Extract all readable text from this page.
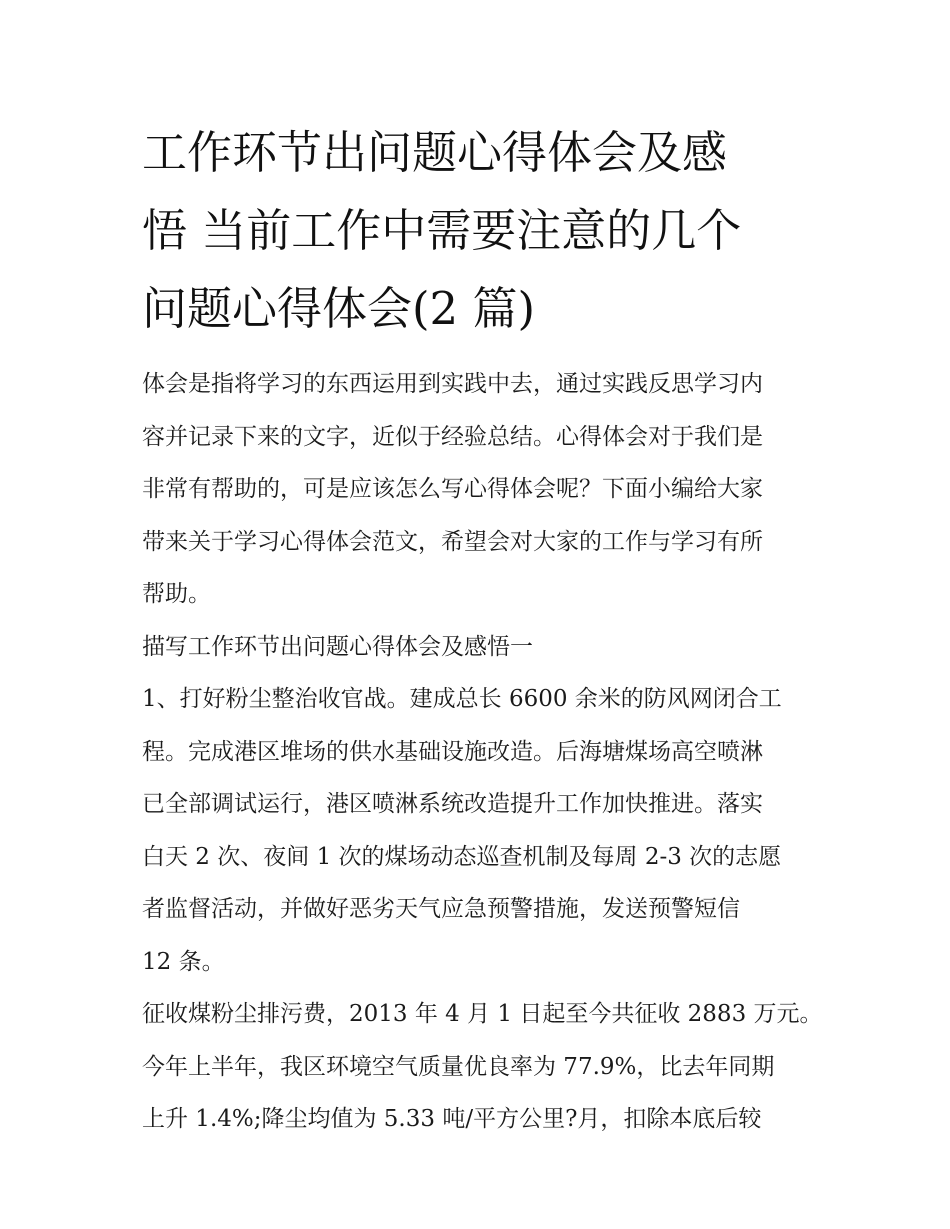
工作环节出问题心得体会及感
悟 当前工作中需要注意的几个
问题心得体会(2 篇)
体会是指将学习的东西运用到实践中去，通过实践反思学习内
容并记录下来的文字，近似于经验总结。心得体会对于我们是
非常有帮助的，可是应该怎么写心得体会呢？下面小编给大家
带来关于学习心得体会范文，希望会对大家的工作与学习有所
帮助。
描写工作环节出问题心得体会及感悟一
1、打好粉尘整治收官战。建成总长 6600 余米的防风网闭合工
程。完成港区堆场的供水基础设施改造。后海塘煤场高空喷淋
已全部调试运行，港区喷淋系统改造提升工作加快推进。落实
白天 2 次、夜间 1 次的煤场动态巡查机制及每周 2-3 次的志愿
者监督活动，并做好恶劣天气应急预警措施，发送预警短信
12 条。
征收煤粉尘排污费，2013 年 4 月 1 日起至今共征收 2883 万元。
今年上半年，我区环境空气质量优良率为 77.9%，比去年同期
上升 1.4%;降尘均值为 5.33 吨/平方公里?月，扣除本底后较
